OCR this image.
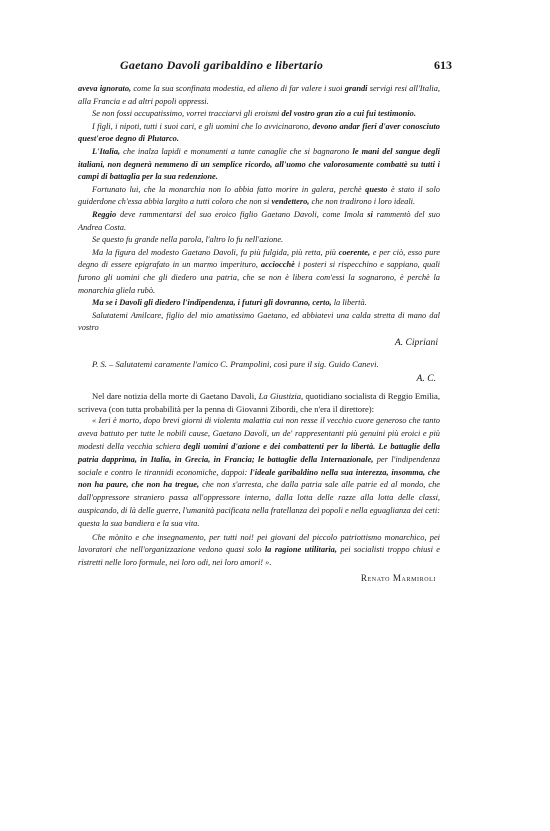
Gaetano Davoli garibaldino e libertario	613

aveva ignorato, come la sua sconfinata modestia, ed alieno di far valere i suoi grandi servigi resi all'Italia, alla Francia e ad altri popoli oppressi.

Se non fossi occupatissimo, vorrei tracciarvi gli eroismi del vostro gran zio a cui fui testimonio.

I figli, i nipoti, tutti i suoi cari, e gli uomini che lo avvicinarono, devono andar fieri d'aver conosciuto quest'eroe degno di Plutarco.

L'Italia, che inalza lapidi e monumenti a tante canaglie che si bagnarono le mani del sangue degli italiani, non degnerà nemmeno di un semplice ricordo, all'uomo che valorosamente combattè su tutti i campi di battaglia per la sua redenzione.

Fortunato lui, che la monarchia non lo abbia fatto morire in galera, perchè questo è stato il solo guiderdone ch'essa abbia largito a tutti coloro che non si vendettero, che non tradirono i loro ideali.

Reggio deve rammentarsi del suo eroico figlio Gaetano Davoli, come Imola si rammentò del suo Andrea Costa.

Se questo fu grande nella parola, l'altro lo fu nell'azione.

Ma la figura del modesto Gaetano Davoli, fu più fulgida, più retta, più coerente, e per ciò, esso pure degno di essere epigrafato in un marmo imperituro, acciocchè i posteri si rispecchino e sappiano, quali furono gli uomini che gli diedero una patria, che se non è libera com'essi la sognarono, è perchè la monarchia gliela rubò.

Ma se i Davoli gli diedero l'indipendenza, i futuri gli dovranno, certo, la libertà.

Salutatemi Amilcare, figlio del mio amatissimo Gaetano, ed abbiatevi una calda stretta di mano dal vostro

A. Cipriani

P. S. – Salutatemi caramente l'amico C. Prampolini, così pure il sig. Guido Canevi.

A. C.

Nel dare notizia della morte di Gaetano Davoli, La Giustizia, quotidiano socialista di Reggio Emilia, scriveva (con tutta probabilità per la penna di Giovanni Zibordi, che n'era il direttore):

« Ieri è morto, dopo brevi giorni di violenta malattia cui non resse il vecchio cuore generoso che tanto aveva battuto per tutte le nobili cause, Gaetano Davoli, un de' rappresentanti più genuini più eroici e più modesti della vecchia schiera degli uomini d'azione e dei combattenti per la libertà. Le battaglie della patria dapprima, in Italia, in Grecia, in Francia; le battaglie della Internazionale, per l'indipendenza sociale e contro le tirannidi economiche, dappoi: l'ideale garibaldino nella sua interezza, insomma, che non ha paure, che non ha tregue, che non s'arresta, che dalla patria sale alle patrie ed al mondo, che dall'oppressore straniero passa all'oppressore interno, dalla lotta delle razze alla lotta delle classi, auspicando, di là delle guerre, l'umanità pacificata nella fratellanza dei popoli e nella eguaglianza dei ceti: questa la sua bandiera e la sua vita.

Che mònito e che insegnamento, per tutti noi! pei giovani del piccolo patriottismo monarchico, pei lavoratori che nell'organizzazione vedono quasi solo la ragione utilitaria, pei socialisti troppo chiusi e ristretti nelle loro formule, nei loro odi, nei loro amori! ».

Renato Marmiroli
